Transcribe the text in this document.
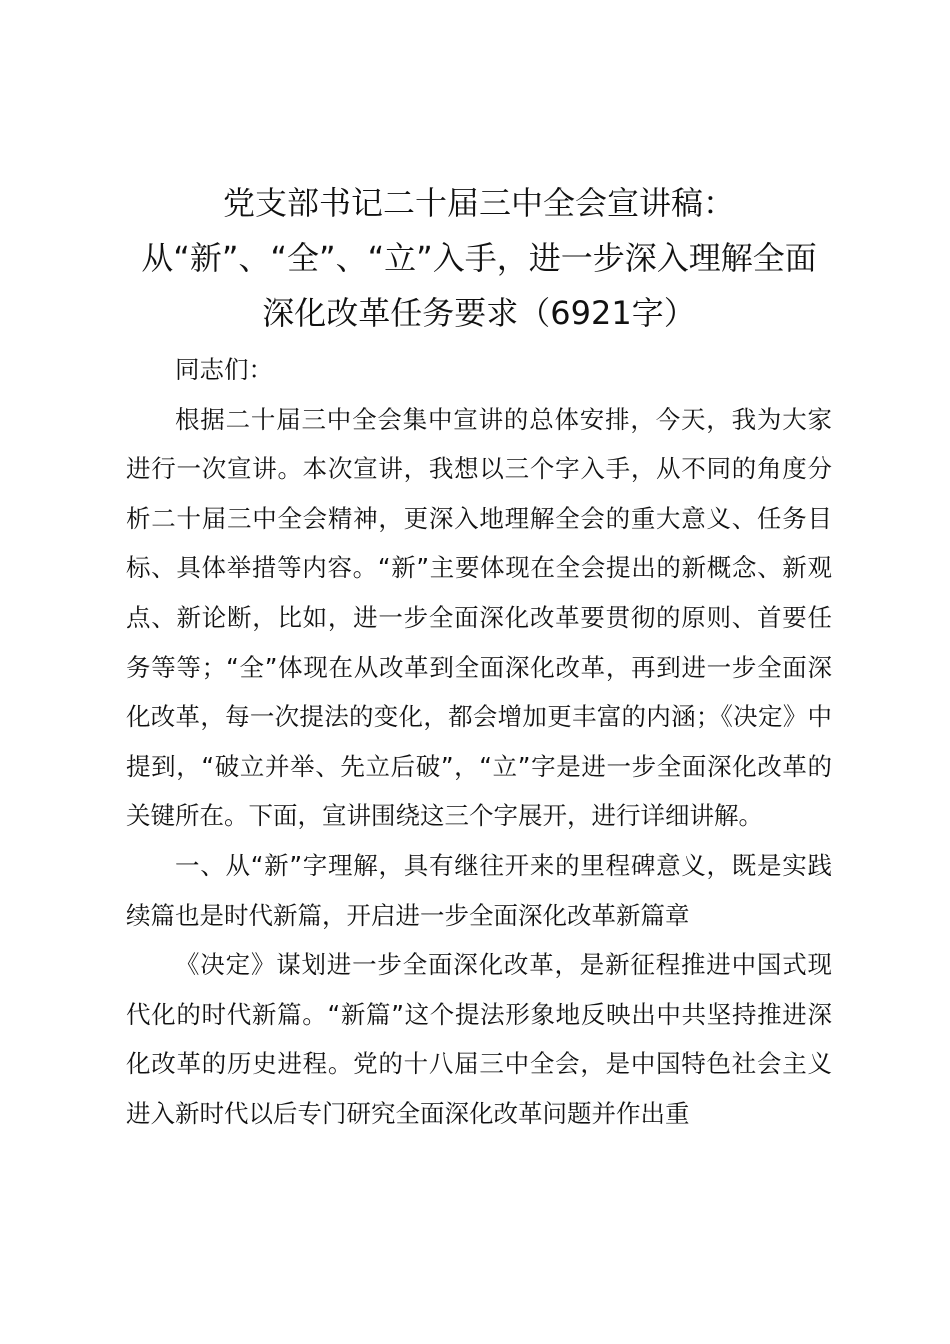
党支部书记二十届三中全会宣讲稿：从“新”、“全”、“立”入手，进一步深入理解全面深化改革任务要求（6921字）

同志们：

根据二十届三中全会集中宣讲的总体安排，今天，我为大家进行一次宣讲。本次宣讲，我想以三个字入手，从不同的角度分析二十届三中全会精神，更深入地理解全会的重大意义、任务目标、具体举措等内容。“新”主要体现在全会提出的新概念、新观点、新论断，比如，进一步全面深化改革要贯彻的原则、首要任务等等；“全”体现在从改革到全面深化改革，再到进一步全面深化改革，每一次提法的变化，都会增加更丰富的内涵；《决定》中提到，“破立并举、先立后破”，“立”字是进一步全面深化改革的关键所在。下面，宣讲围绕这三个字展开，进行详细讲解。

一、从“新”字理解，具有继往开来的里程碑意义，既是实践续篇也是时代新篇，开启进一步全面深化改革新篇章

《决定》谋划进一步全面深化改革，是新征程推进中国式现代化的时代新篇。“新篇”这个提法形象地反映出中共坚持推进深化改革的历史进程。党的十八届三中全会，是中国特色社会主义进入新时代以后专门研究全面深化改革问题并作出重
